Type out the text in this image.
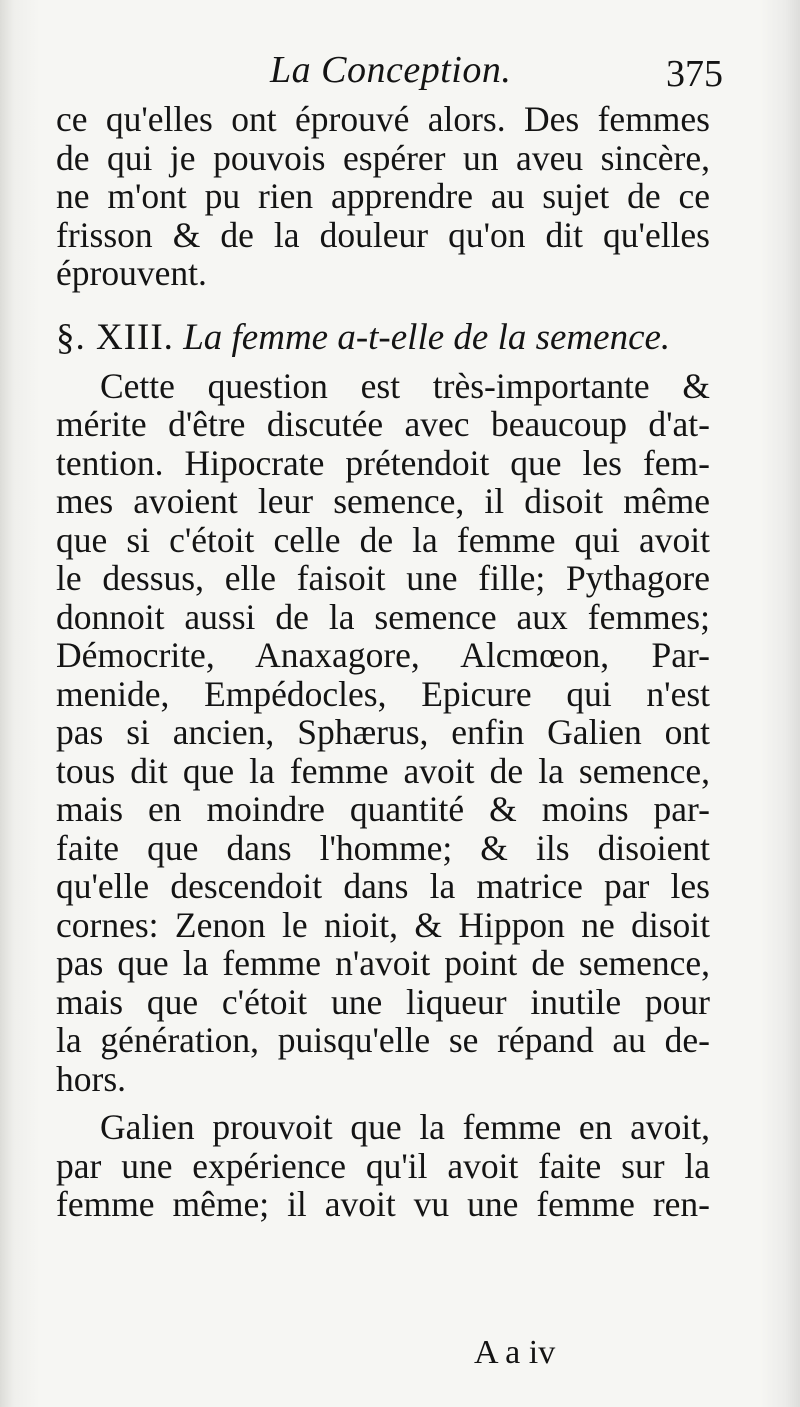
La Conception.	375
ce qu'elles ont éprouvé alors. Des femmes
de qui je pouvois espérer un aveu sincère,
ne m'ont pu rien apprendre au sujet de ce
frisson & de la douleur qu'on dit qu'elles
éprouvent.
§. XIII. La femme a-t-elle de la semence.
Cette question est très-importante &
mérite d'être discutée avec beaucoup d'at-
tention. Hipocrate prétendoit que les fem-
mes avoient leur semence, il disoit même
que si c'étoit celle de la femme qui avoit
le dessus, elle faisoit une fille; Pythagore
donnoit aussi de la semence aux femmes;
Démocrite, Anaxagore, Alcmœon, Par-
menide, Empédocles, Epicure qui n'est
pas si ancien, Sphærus, enfin Galien ont
tous dit que la femme avoit de la semence,
mais en moindre quantité & moins par-
faite que dans l'homme; & ils disoient
qu'elle descendoit dans la matrice par les
cornes: Zenon le nioit, & Hippon ne disoit
pas que la femme n'avoit point de semence,
mais que c'étoit une liqueur inutile pour
la génération, puisqu'elle se répand au de-
hors.
Galien prouvoit que la femme en avoit,
par une expérience qu'il avoit faite sur la
femme même; il avoit vu une femme ren-
A a iv
